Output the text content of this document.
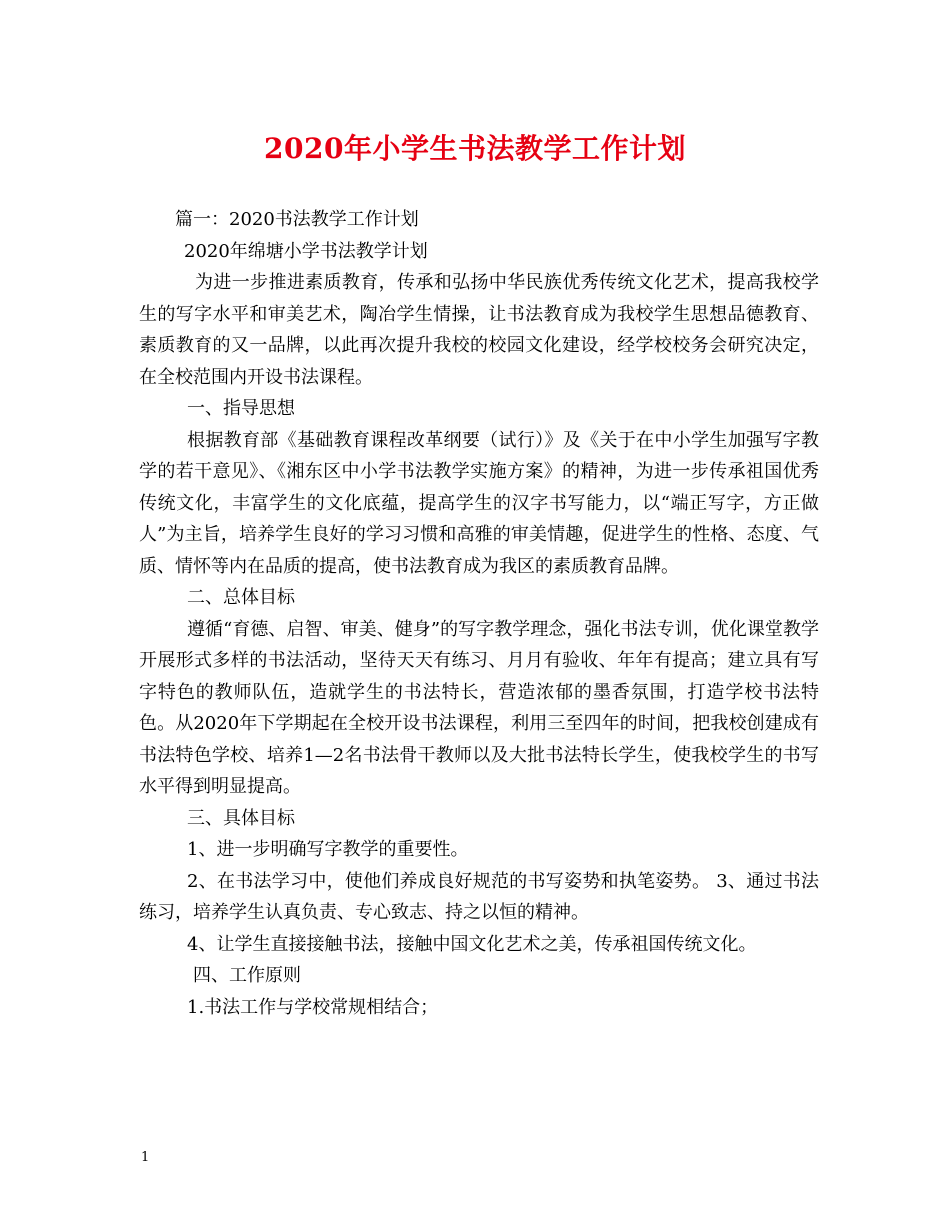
2020年小学生书法教学工作计划

篇一：2020书法教学工作计划

2020年绵塘小学书法教学计划

为进一步推进素质教育，传承和弘扬中华民族优秀传统文化艺术，提高我校学生的写字水平和审美艺术，陶冶学生情操，让书法教育成为我校学生思想品德教育、素质教育的又一品牌，以此再次提升我校的校园文化建设，经学校校务会研究决定，在全校范围内开设书法课程。

一、指导思想

根据教育部《基础教育课程改革纲要（试行）》及《关于在中小学生加强写字教学的若干意见》、《湘东区中小学书法教学实施方案》的精神，为进一步传承祖国优秀传统文化，丰富学生的文化底蕴，提高学生的汉字书写能力，以“端正写字，方正做人”为主旨，培养学生良好的学习习惯和高雅的审美情趣，促进学生的性格、态度、气质、情怀等内在品质的提高，使书法教育成为我区的素质教育品牌。

二、总体目标

遵循“育德、启智、审美、健身”的写字教学理念，强化书法专训，优化课堂教学开展形式多样的书法活动，坚待天天有练习、月月有验收、年年有提高；建立具有写字特色的教师队伍，造就学生的书法特长，营造浓郁的墨香氛围，打造学校书法特色。从2020年下学期起在全校开设书法课程，利用三至四年的时间，把我校创建成有书法特色学校、培养1—2名书法骨干教师以及大批书法特长学生，使我校学生的书写水平得到明显提高。

三、具体目标

1、进一步明确写字教学的重要性。

2、在书法学习中，使他们养成良好规范的书写姿势和执笔姿势。 3、通过书法练习，培养学生认真负责、专心致志、持之以恒的精神。

4、让学生直接接触书法，接触中国文化艺术之美，传承祖国传统文化。

四、工作原则

1.书法工作与学校常规相结合；

1
